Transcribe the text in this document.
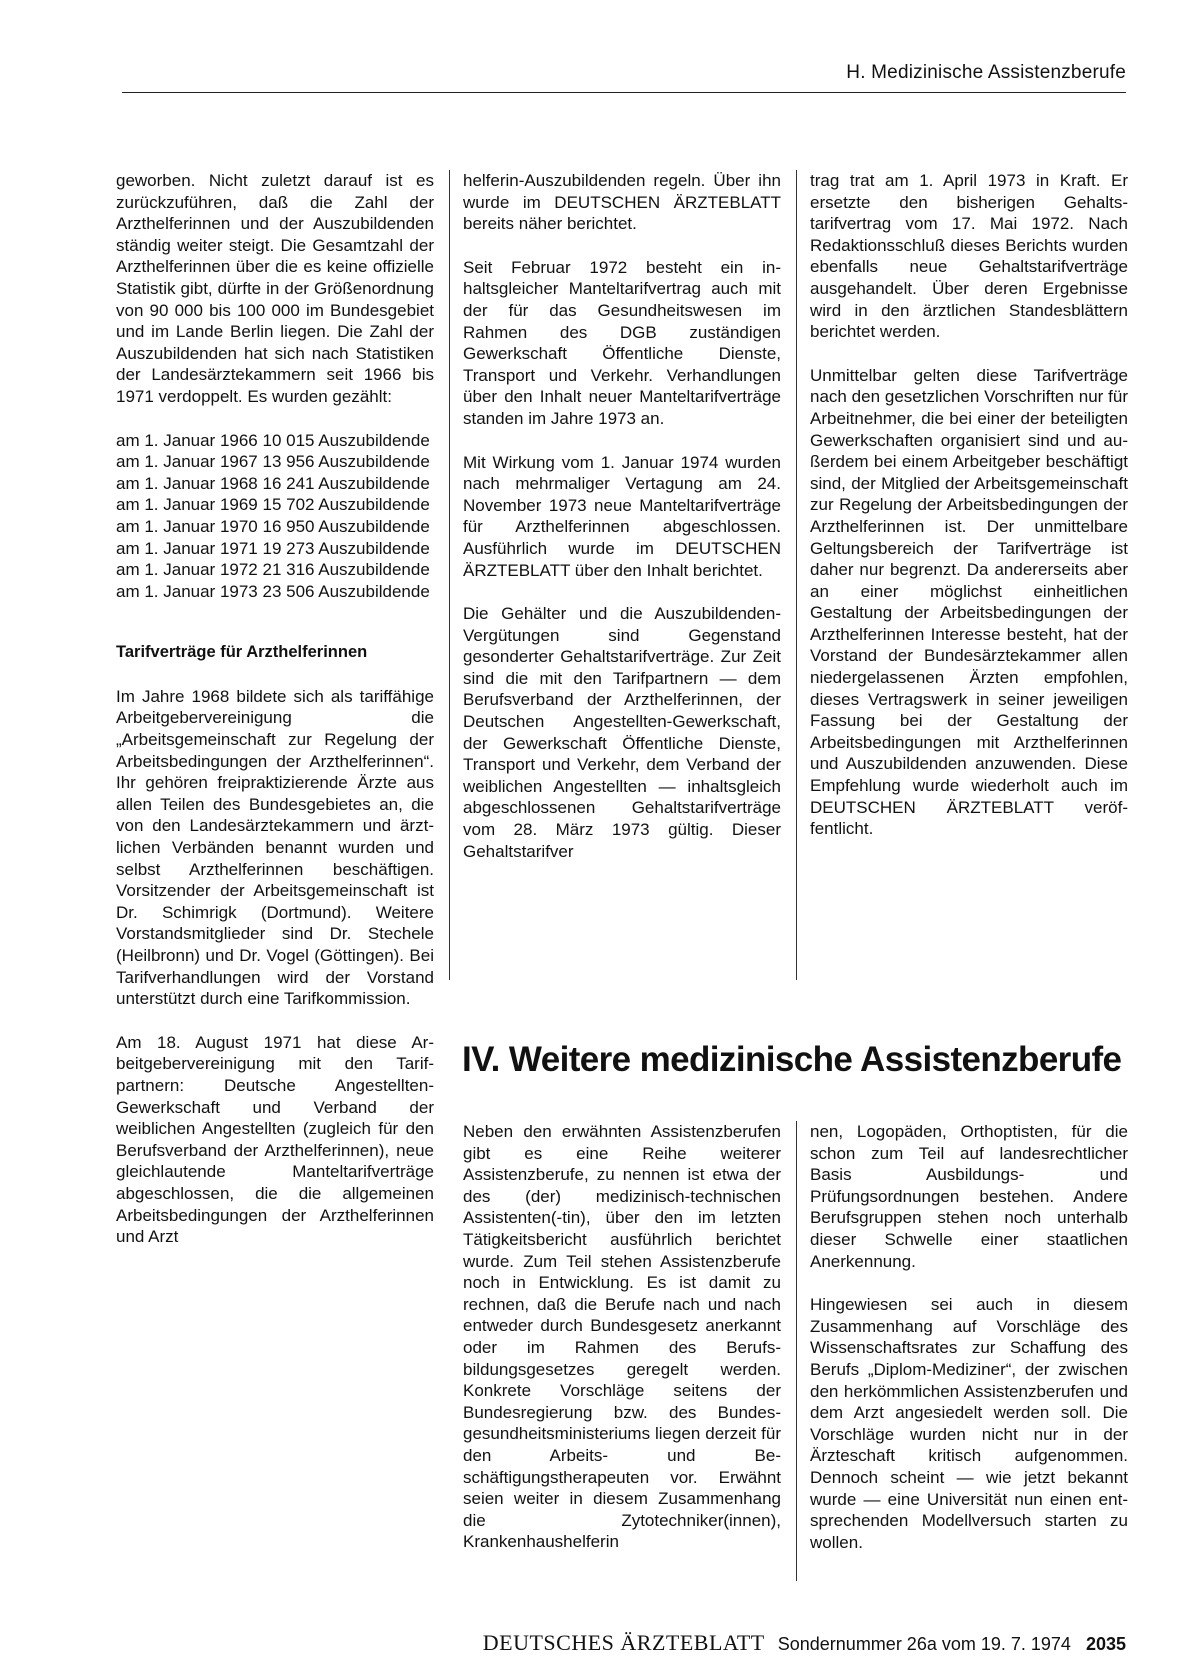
H. Medizinische Assistenzberufe

geworben. Nicht zuletzt darauf ist es zurückzuführen, daß die Zahl der Arzthelferinnen und der Auszubildenden ständig weiter steigt. Die Gesamtzahl der Arzthelferinnen über die es keine offizielle Statistik gibt, dürfte in der Größenordnung von 90 000 bis 100 000 im Bundesgebiet und im Lande Berlin liegen. Die Zahl der Auszubildenden hat sich nach Statistiken der Landesärztekammern seit 1966 bis 1971 verdoppelt. Es wurden gezählt:

am 1. Januar 1966 10 015 Auszubildende
am 1. Januar 1967 13 956 Auszubildende
am 1. Januar 1968 16 241 Auszubildende
am 1. Januar 1969 15 702 Auszubildende
am 1. Januar 1970 16 950 Auszubildende
am 1. Januar 1971 19 273 Auszubildende
am 1. Januar 1972 21 316 Auszubildende
am 1. Januar 1973 23 506 Auszubildende
Tarifverträge für Arzthelferinnen

Im Jahre 1968 bildete sich als tariffähige Arbeitgebervereinigung die „Arbeitsgemeinschaft zur Regelung der Arbeitsbedingungen der Arzthelferinnen“. Ihr gehören freipraktizierende Ärzte aus allen Teilen des Bundesgebietes an, die von den Landesärztekammern und ärztlichen Verbänden benannt wurden und selbst Arzthelferinnen beschäftigen. Vorsitzender der Arbeitsgemeinschaft ist Dr. Schimrigk (Dortmund). Weitere Vorstandsmitglieder sind Dr. Stechele (Heilbronn) und Dr. Vogel (Göttingen). Bei Tarifverhandlungen wird der Vorstand unterstützt durch eine Tarifkommission.

Am 18. August 1971 hat diese Arbeitgebervereinigung mit den Tarifpartnern: Deutsche Angestellten-Gewerkschaft und Verband der weiblichen Angestellten (zugleich für den Berufsverband der Arzthelferinnen), neue gleichlautende Manteltarifverträge abgeschlossen, die die allgemeinen Arbeitsbedingungen der Arzthelferinnen und Arzt

helferin-Auszubildenden regeln. Über ihn wurde im DEUTSCHEN ÄRZTEBLATT bereits näher berichtet.

Seit Februar 1972 besteht ein inhaltsgleicher Manteltarifvertrag auch mit der für das Gesundheitswesen im Rahmen des DGB zuständigen Gewerkschaft Öffentliche Dienste, Transport und Verkehr. Verhandlungen über den Inhalt neuer Manteltarifverträge standen im Jahre 1973 an.

Mit Wirkung vom 1. Januar 1974 wurden nach mehrmaliger Vertagung am 24. November 1973 neue Manteltarifverträge für Arzthelferinnen abgeschlossen. Ausführlich wurde im DEUTSCHEN ÄRZTEBLATT über den Inhalt berichtet.

Die Gehälter und die Auszubildenden-Vergütungen sind Gegenstand gesonderter Gehaltstarifverträge. Zur Zeit sind die mit den Tarifpartnern — dem Berufsverband der Arzthelferinnen, der Deutschen Angestellten-Gewerkschaft, der Gewerkschaft Öffentliche Dienste, Transport und Verkehr, dem Verband der weiblichen Angestellten — inhaltsgleich abgeschlossenen Gehaltstarifverträge vom 28. März 1973 gültig. Dieser Gehaltstarifver

trag trat am 1. April 1973 in Kraft. Er ersetzte den bisherigen Gehaltstarifvertrag vom 17. Mai 1972. Nach Redaktionsschluß dieses Berichts wurden ebenfalls neue Gehaltstarifverträge ausgehandelt. Über deren Ergebnisse wird in den ärztlichen Standesblättern berichtet werden.

Unmittelbar gelten diese Tarifverträge nach den gesetzlichen Vorschriften nur für Arbeitnehmer, die bei einer der beteiligten Gewerkschaften organisiert sind und außerdem bei einem Arbeitgeber beschäftigt sind, der Mitglied der Arbeitsgemeinschaft zur Regelung der Arbeitsbedingungen der Arzthelferinnen ist. Der unmittelbare Geltungsbereich der Tarifverträge ist daher nur begrenzt. Da andererseits aber an einer möglichst einheitlichen Gestaltung der Arbeitsbedingungen der Arzthelferinnen Interesse besteht, hat der Vorstand der Bundesärztekammer allen niedergelassenen Ärzten empfohlen, dieses Vertragswerk in seiner jeweiligen Fassung bei der Gestaltung der Arbeitsbedingungen mit Arzthelferinnen und Auszubildenden anzuwenden. Diese Empfehlung wurde wiederholt auch im DEUTSCHEN ÄRZTEBLATT veröffentlicht.

IV. Weitere medizinische Assistenzberufe

Neben den erwähnten Assistenzberufen gibt es eine Reihe weiterer Assistenzberufe, zu nennen ist etwa der des (der) medizinisch-technischen Assistenten(-tin), über den im letzten Tätigkeitsbericht ausführlich berichtet wurde. Zum Teil stehen Assistenzberufe noch in Entwicklung. Es ist damit zu rechnen, daß die Berufe nach und nach entweder durch Bundesgesetz anerkannt oder im Rahmen des Berufsbildungsgesetzes geregelt werden. Konkrete Vorschläge seitens der Bundesregierung bzw. des Bundesgesundheitsministeriums liegen derzeit für den Arbeits- und Beschäftigungstherapeuten vor. Erwähnt seien weiter in diesem Zusammenhang die Zytotechniker(innen), Krankenhaushelferin

nen, Logopäden, Orthoptisten, für die schon zum Teil auf landesrechtlicher Basis Ausbildungs- und Prüfungsordnungen bestehen. Andere Berufsgruppen stehen noch unterhalb dieser Schwelle einer staatlichen Anerkennung.

Hingewiesen sei auch in diesem Zusammenhang auf Vorschläge des Wissenschaftsrates zur Schaffung des Berufs „Diplom-Mediziner“, der zwischen den herkömmlichen Assistenzberufen und dem Arzt angesiedelt werden soll. Die Vorschläge wurden nicht nur in der Ärzteschaft kritisch aufgenommen. Dennoch scheint — wie jetzt bekannt wurde — eine Universität nun einen entsprechenden Modellversuch starten zu wollen.

DEUTSCHES ÄRZTEBLATT Sondernummer 26a vom 19. 7. 1974 2035
